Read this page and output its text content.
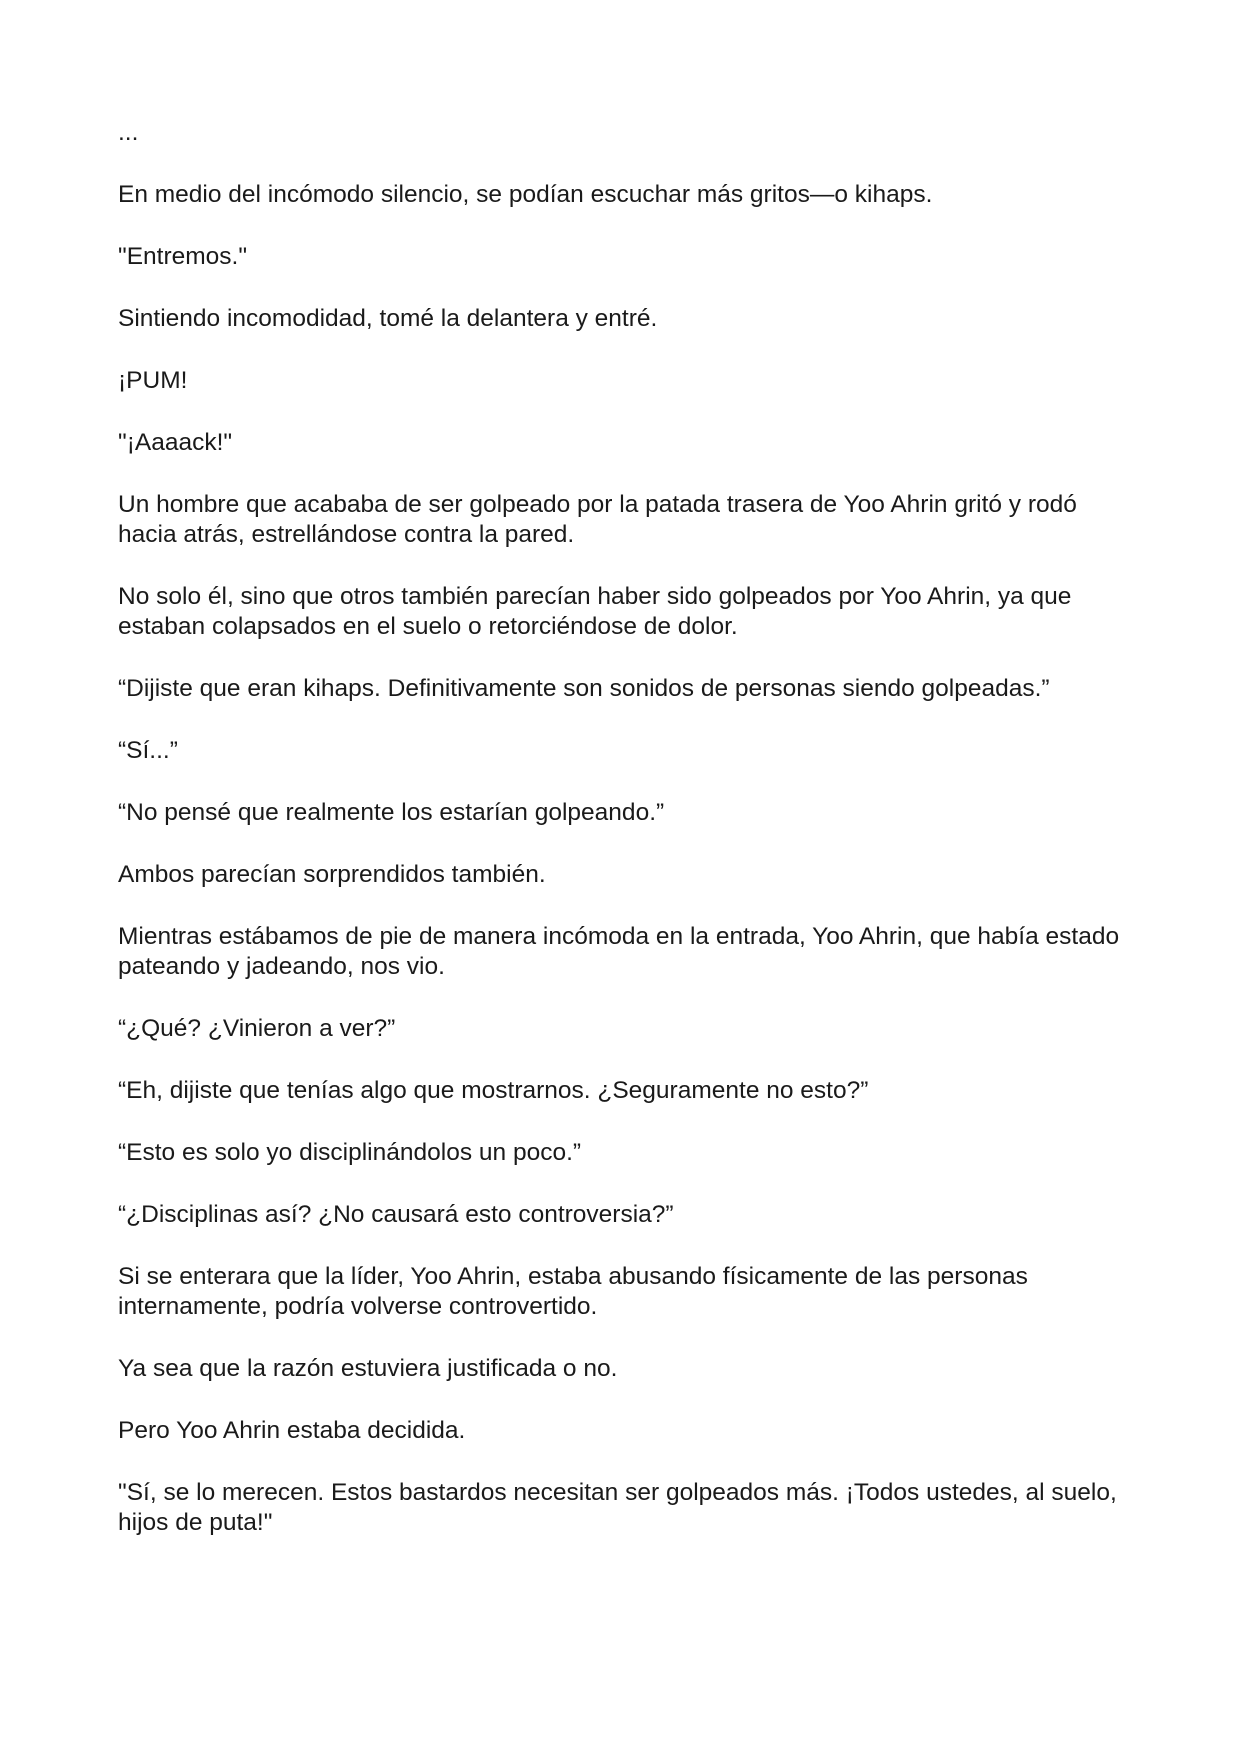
...

En medio del incómodo silencio, se podían escuchar más gritos—o kihaps.

"Entremos."

Sintiendo incomodidad, tomé la delantera y entré.

¡PUM!

"¡Aaaack!"

Un hombre que acababa de ser golpeado por la patada trasera de Yoo Ahrin gritó y rodó hacia atrás, estrellándose contra la pared.

No solo él, sino que otros también parecían haber sido golpeados por Yoo Ahrin, ya que estaban colapsados en el suelo o retorciéndose de dolor.

“Dijiste que eran kihaps. Definitivamente son sonidos de personas siendo golpeadas.”

“Sí...”

“No pensé que realmente los estarían golpeando.”

Ambos parecían sorprendidos también.

Mientras estábamos de pie de manera incómoda en la entrada, Yoo Ahrin, que había estado pateando y jadeando, nos vio.

“¿Qué? ¿Vinieron a ver?”

“Eh, dijiste que tenías algo que mostrarnos. ¿Seguramente no esto?”

“Esto es solo yo disciplinándolos un poco.”

“¿Disciplinas así? ¿No causará esto controversia?”

Si se enterara que la líder, Yoo Ahrin, estaba abusando físicamente de las personas internamente, podría volverse controvertido.

Ya sea que la razón estuviera justificada o no.

Pero Yoo Ahrin estaba decidida.

"Sí, se lo merecen. Estos bastardos necesitan ser golpeados más. ¡Todos ustedes, al suelo, hijos de puta!"
